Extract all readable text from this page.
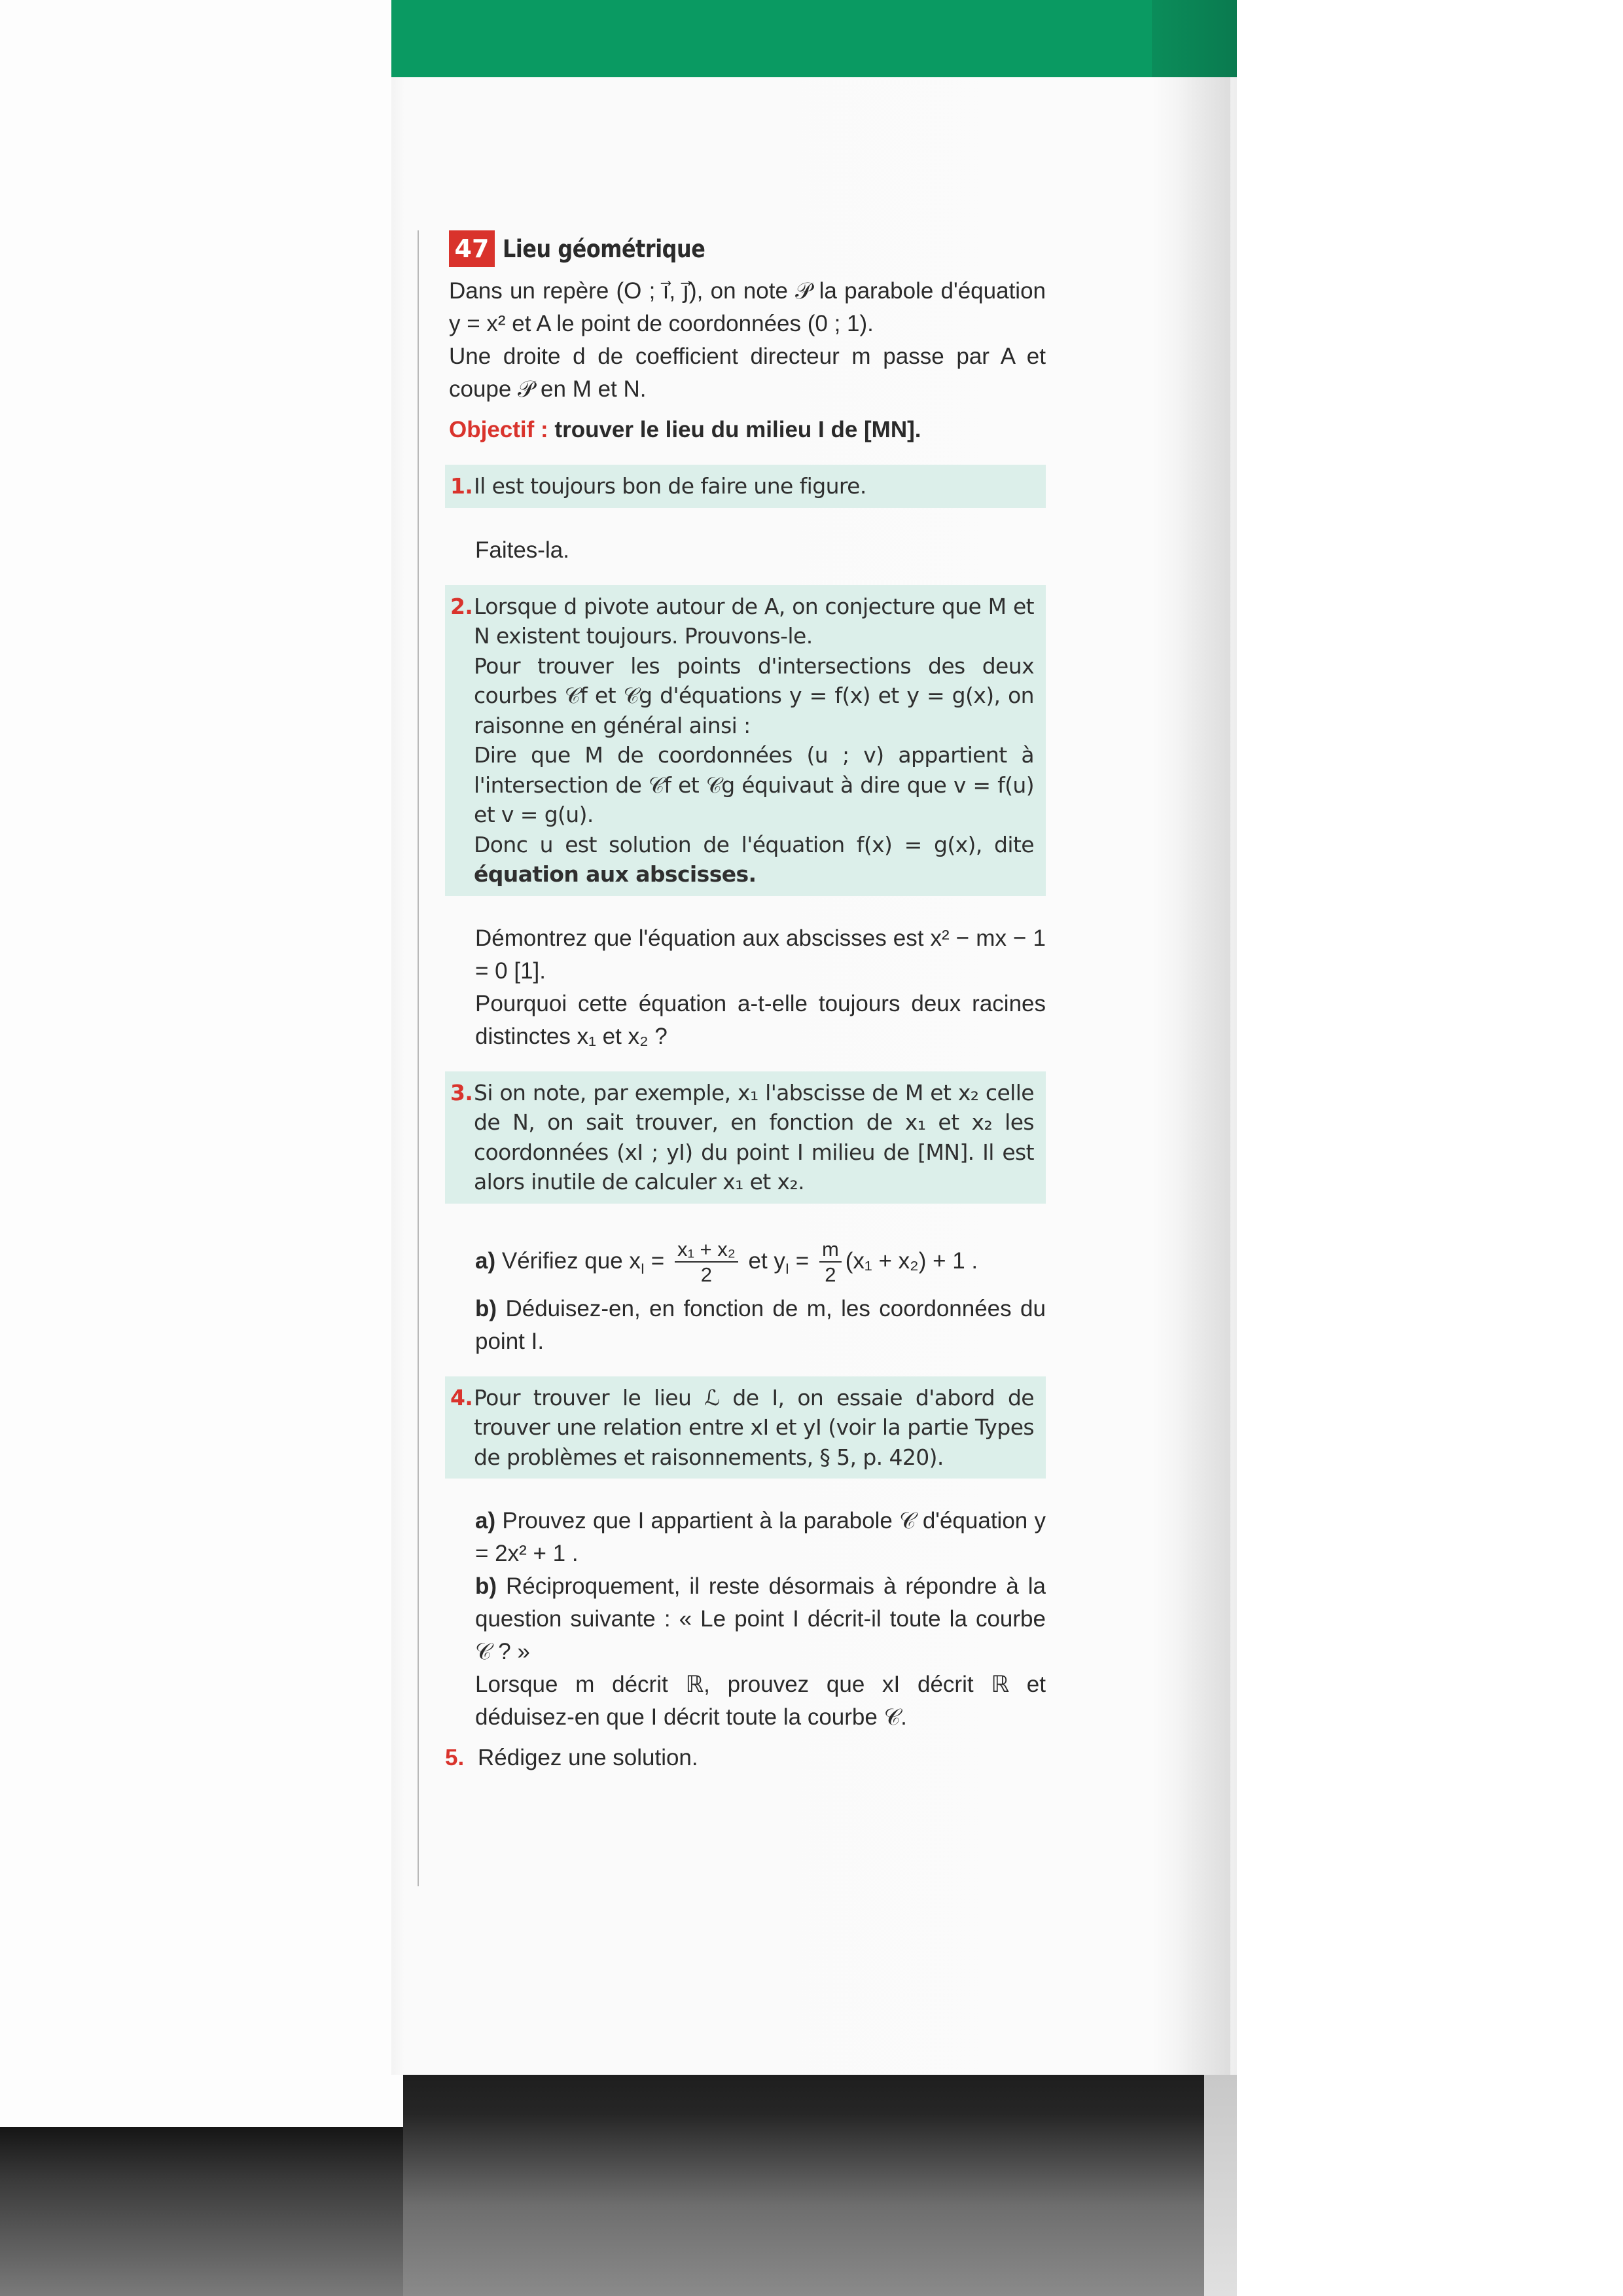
47 Lieu géométrique

Dans un repère (O ; i⃗, j⃗), on note 𝒫 la parabole d'équation y = x² et A le point de coordonnées (0 ; 1).

Une droite d de coefficient directeur m passe par A et coupe 𝒫 en M et N.

Objectif : trouver le lieu du milieu I de [MN].

1. Il est toujours bon de faire une figure.

Faites-la.

2. Lorsque d pivote autour de A, on conjecture que M et N existent toujours. Prouvons-le.
Pour trouver les points d'intersections des deux courbes 𝒞f et 𝒞g d'équations y = f(x) et y = g(x), on raisonne en général ainsi :
Dire que M de coordonnées (u ; v) appartient à l'intersection de 𝒞f et 𝒞g équivaut à dire que v = f(u) et v = g(u).
Donc u est solution de l'équation f(x) = g(x), dite équation aux abscisses.

Démontrez que l'équation aux abscisses est x² − mx − 1 = 0 [1].

Pourquoi cette équation a-t-elle toujours deux racines distinctes x₁ et x₂ ?

3. Si on note, par exemple, x₁ l'abscisse de M et x₂ celle de N, on sait trouver, en fonction de x₁ et x₂ les coordonnées (xI ; yI) du point I milieu de [MN]. Il est alors inutile de calculer x₁ et x₂.

a) Vérifiez que $x_I = \frac{\text{x₁ + x₂}}{2}$ et $y_I = \frac{m}{2} (x_1 + x_2) + 1$ .

b) Déduisez-en, en fonction de m, les coordonnées du point I.

4. Pour trouver le lieu ℒ de I, on essaie d'abord de trouver une relation entre xI et yI (voir la partie Types de problèmes et raisonnements, § 5, p. 420).

a) Prouvez que I appartient à la parabole 𝒞 d'équation y = 2x² + 1 .

b) Réciproquement, il reste désormais à répondre à la question suivante : « Le point I décrit-il toute la courbe 𝒞 ? »

Lorsque m décrit ℝ, prouvez que xI décrit ℝ et déduisez-en que I décrit toute la courbe 𝒞.

5. Rédigez une solution.
